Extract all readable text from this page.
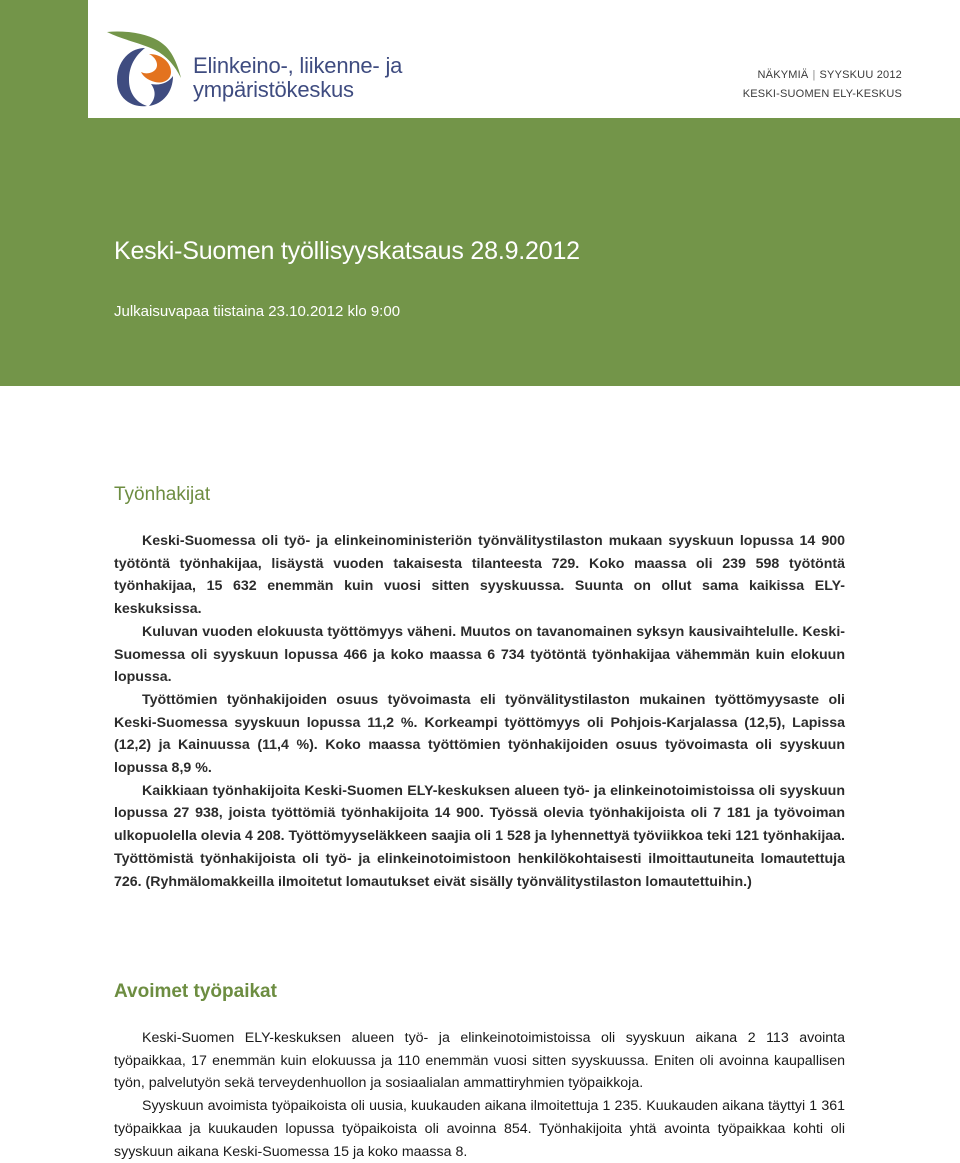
Elinkeino-, liikenne- ja
ympäristökeskus
NÄKYMIÄ | SYYSKUU 2012
KESKI-SUOMEN ELY-KESKUS
Keski-Suomen työllisyyskatsaus 28.9.2012
Julkaisuvapaa tiistaina 23.10.2012 klo 9:00
Työnhakijat

Keski-Suomessa oli työ- ja elinkeinoministeriön työnvälitystilaston mukaan syyskuun lopussa 14 900 työtöntä työnhakijaa, lisäystä vuoden takaisesta tilanteesta 729. Koko maassa oli 239 598 työtöntä työnhakijaa, 15 632 enemmän kuin vuosi sitten syyskuussa. Suunta on ollut sama kaikissa ELY-keskuksissa.

Kuluvan vuoden elokuusta työttömyys väheni. Muutos on tavanomainen syksyn kausivaihtelulle. Keski-Suomessa oli syyskuun lopussa 466 ja koko maassa 6 734 työtöntä työnhakijaa vähemmän kuin elokuun lopussa.

Työttömien työnhakijoiden osuus työvoimasta eli työnvälitystilaston mukainen työttömyysaste oli Keski-Suomessa syyskuun lopussa 11,2 %. Korkeampi työttömyys oli Pohjois-Karjalassa (12,5), Lapissa (12,2) ja Kainuussa (11,4 %). Koko maassa työttömien työnhakijoiden osuus työvoimasta oli syyskuun lopussa 8,9 %.

Kaikkiaan työnhakijoita Keski-Suomen ELY-keskuksen alueen työ- ja elinkeinotoimistoissa oli syyskuun lopussa 27 938, joista työttömiä työnhakijoita 14 900. Työssä olevia työnhakijoista oli 7 181 ja työvoiman ulkopuolella olevia 4 208. Työttömyyseläkkeen saajia oli 1 528 ja lyhennettyä työviikkoa teki 121 työnhakijaa. Työttömistä työnhakijoista oli työ- ja elinkeinotoimistoon henkilökohtaisesti ilmoittautuneita lomautettuja 726. (Ryhmälomakkeilla ilmoitetut lomautukset eivät sisälly työnvälitystilaston lomautettuihin.)

Avoimet työpaikat

Keski-Suomen ELY-keskuksen alueen työ- ja elinkeinotoimistoissa oli syyskuun aikana 2 113 avointa työpaikkaa, 17 enemmän kuin elokuussa ja 110 enemmän vuosi sitten syyskuussa. Eniten oli avoinna kaupallisen työn, palvelutyön sekä terveydenhuollon ja sosiaalialan ammattiryhmien työpaikkoja.

Syyskuun avoimista työpaikoista oli uusia, kuukauden aikana ilmoitettuja 1 235. Kuukauden aikana täyttyi 1 361 työpaikkaa ja kuukauden lopussa työpaikoista oli avoinna 854. Työnhakijoita yhtä avointa työpaikkaa kohti oli syyskuun aikana Keski-Suomessa 15 ja koko maassa 8.
